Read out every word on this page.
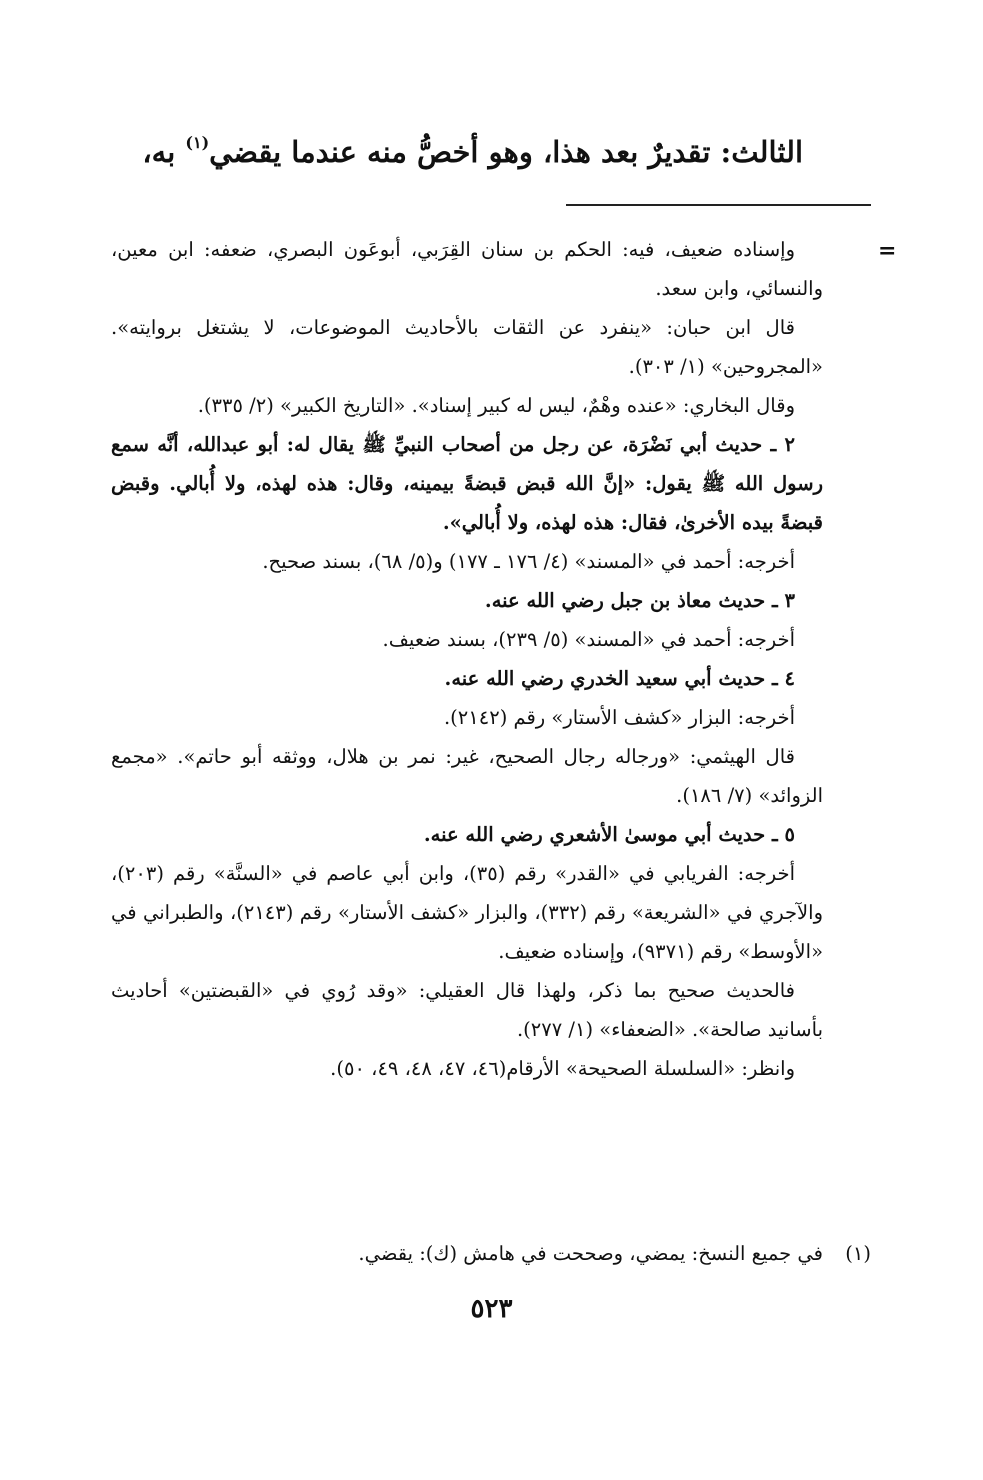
الثالث: تقديرٌ بعد هذا، وهو أخصُّ منه عندما يقضي$^{(١)}$ به،
=

وإسناده ضعيف، فيه: الحكم بن سنان القِرَبي، أبوعَون البصري، ضعفه: ابن معين، والنسائي، وابن سعد.

قال ابن حبان: «ينفرد عن الثقات بالأحاديث الموضوعات، لا يشتغل بروايته». «المجروحين» (١/ ٣٠٣).

وقال البخاري: «عنده وهْمٌ، ليس له كبير إسناد». «التاريخ الكبير» (٢/ ٣٣٥).

٢ ـ حديث أبي نَضْرَة، عن رجل من أصحاب النبيِّ ﷺ يقال له: أبو عبدالله، أنَّه سمع رسول الله ﷺ يقول: «إنَّ الله قبض قبضةً بيمينه، وقال: هذه لهذه، ولا أُبالي. وقبض قبضةً بيده الأخرىٰ، فقال: هذه لهذه، ولا أُبالي».

أخرجه: أحمد في «المسند» (٤/ ١٧٦ ـ ١٧٧) و(٥/ ٦٨)، بسند صحيح.

٣ ـ حديث معاذ بن جبل رضي الله عنه.

أخرجه: أحمد في «المسند» (٥/ ٢٣٩)، بسند ضعيف.

٤ ـ حديث أبي سعيد الخدري رضي الله عنه.

أخرجه: البزار «كشف الأستار» رقم (٢١٤٢).

قال الهيثمي: «ورجاله رجال الصحيح، غير: نمر بن هلال، ووثقه أبو حاتم». «مجمع الزوائد» (٧/ ١٨٦).

٥ ـ حديث أبي موسىٰ الأشعري رضي الله عنه.

أخرجه: الفريابي في «القدر» رقم (٣٥)، وابن أبي عاصم في «السنَّة» رقم (٢٠٣)، والآجري في «الشريعة» رقم (٣٣٢)، والبزار «كشف الأستار» رقم (٢١٤٣)، والطبراني في «الأوسط» رقم (٩٣٧١)، وإسناده ضعيف.

فالحديث صحيح بما ذكر، ولهذا قال العقيلي: «وقد رُوي في «القبضتين» أحاديث بأسانيد صالحة». «الضعفاء» (١/ ٢٧٧).

وانظر: «السلسلة الصحيحة» الأرقام(٤٦، ٤٧، ٤٨، ٤٩، ٥٠).

(١)في جميع النسخ: يمضي، وصححت في هامش (ك): يقضي.
٥٢٣
